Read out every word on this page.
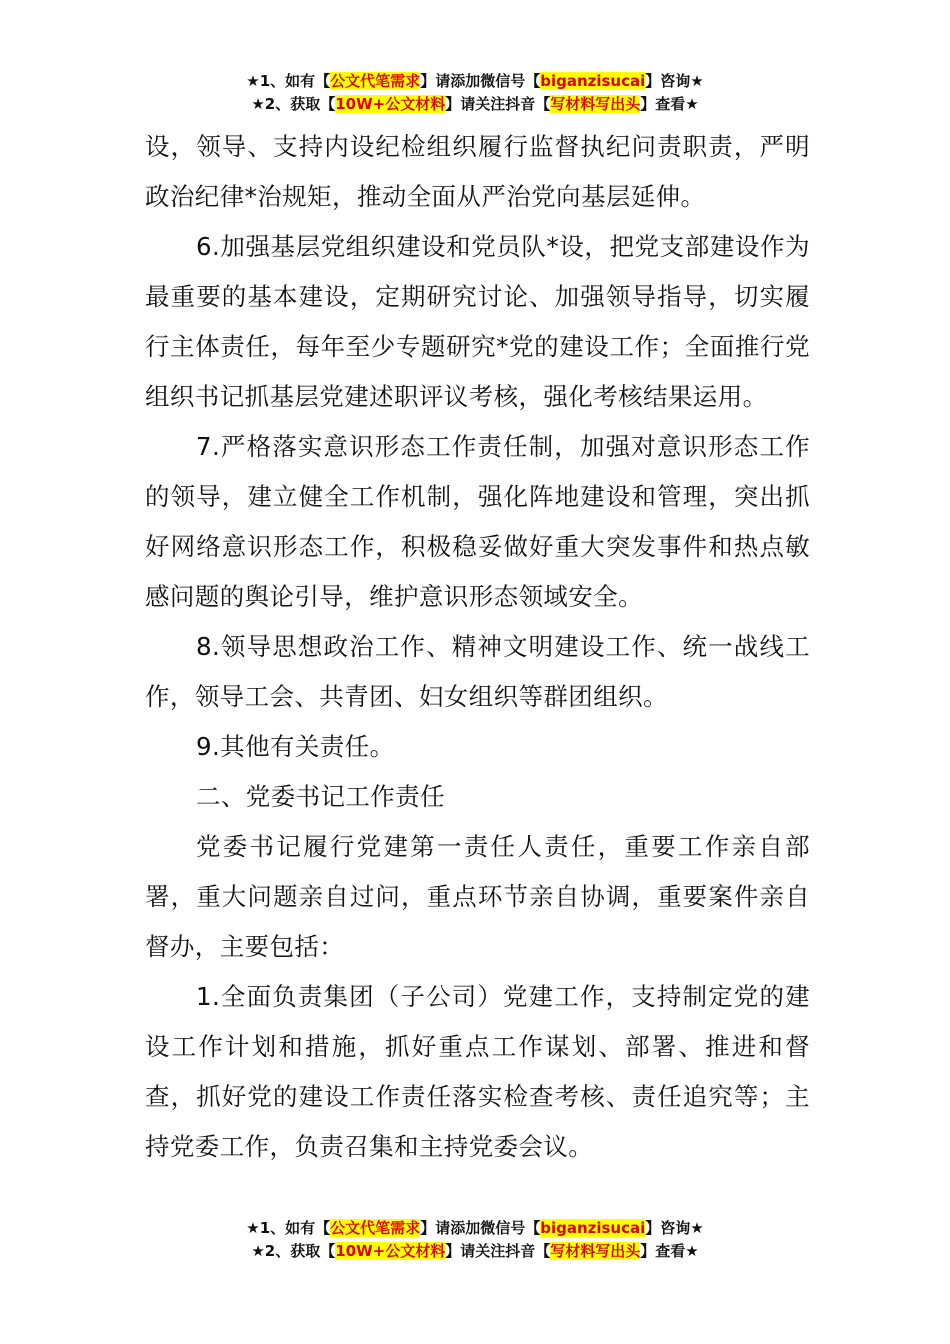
★1、如有【公文代笔需求】请添加微信号【biganzisucai】咨询★
★2、获取【10W+公文材料】请关注抖音【写材料写出头】查看★

设，领导、支持内设纪检组织履行监督执纪问责职责，严明政治纪律*治规矩，推动全面从严治党向基层延伸。

6.加强基层党组织建设和党员队*设，把党支部建设作为最重要的基本建设，定期研究讨论、加强领导指导，切实履行主体责任，每年至少专题研究*党的建设工作；全面推行党组织书记抓基层党建述职评议考核，强化考核结果运用。

7.严格落实意识形态工作责任制，加强对意识形态工作的领导，建立健全工作机制，强化阵地建设和管理，突出抓好网络意识形态工作，积极稳妥做好重大突发事件和热点敏感问题的舆论引导，维护意识形态领域安全。

8.领导思想政治工作、精神文明建设工作、统一战线工作，领导工会、共青团、妇女组织等群团组织。

9.其他有关责任。

二、党委书记工作责任

党委书记履行党建第一责任人责任，重要工作亲自部署，重大问题亲自过问，重点环节亲自协调，重要案件亲自督办，主要包括：

1.全面负责集团（子公司）党建工作，支持制定党的建设工作计划和措施，抓好重点工作谋划、部署、推进和督查，抓好党的建设工作责任落实检查考核、责任追究等；主持党委工作，负责召集和主持党委会议。

★1、如有【公文代笔需求】请添加微信号【biganzisucai】咨询★
★2、获取【10W+公文材料】请关注抖音【写材料写出头】查看★
